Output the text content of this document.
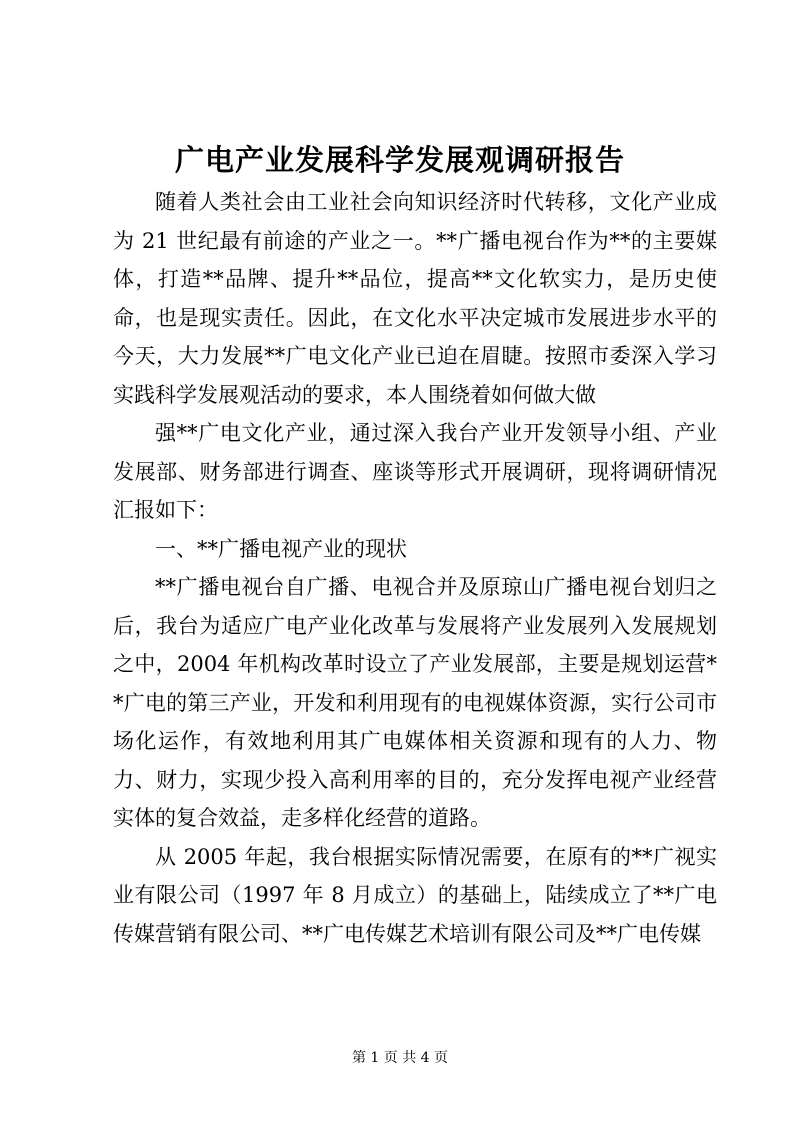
广电产业发展科学发展观调研报告

随着人类社会由工业社会向知识经济时代转移，文化产业成为 21 世纪最有前途的产业之一。**广播电视台作为**的主要媒体，打造**品牌、提升**品位，提高**文化软实力，是历史使命，也是现实责任。因此，在文化水平决定城市发展进步水平的今天，大力发展**广电文化产业已迫在眉睫。按照市委深入学习实践科学发展观活动的要求，本人围绕着如何做大做

强**广电文化产业，通过深入我台产业开发领导小组、产业发展部、财务部进行调查、座谈等形式开展调研，现将调研情况汇报如下：

一、**广播电视产业的现状

**广播电视台自广播、电视合并及原琼山广播电视台划归之后，我台为适应广电产业化改革与发展将产业发展列入发展规划之中，2004 年机构改革时设立了产业发展部，主要是规划运营**广电的第三产业，开发和利用现有的电视媒体资源，实行公司市场化运作，有效地利用其广电媒体相关资源和现有的人力、物力、财力，实现少投入高利用率的目的，充分发挥电视产业经营实体的复合效益，走多样化经营的道路。

从 2005 年起，我台根据实际情况需要，在原有的**广视实业有限公司（1997 年 8 月成立）的基础上，陆续成立了**广电传媒营销有限公司、**广电传媒艺术培训有限公司及**广电传媒

第 1 页 共 4 页
